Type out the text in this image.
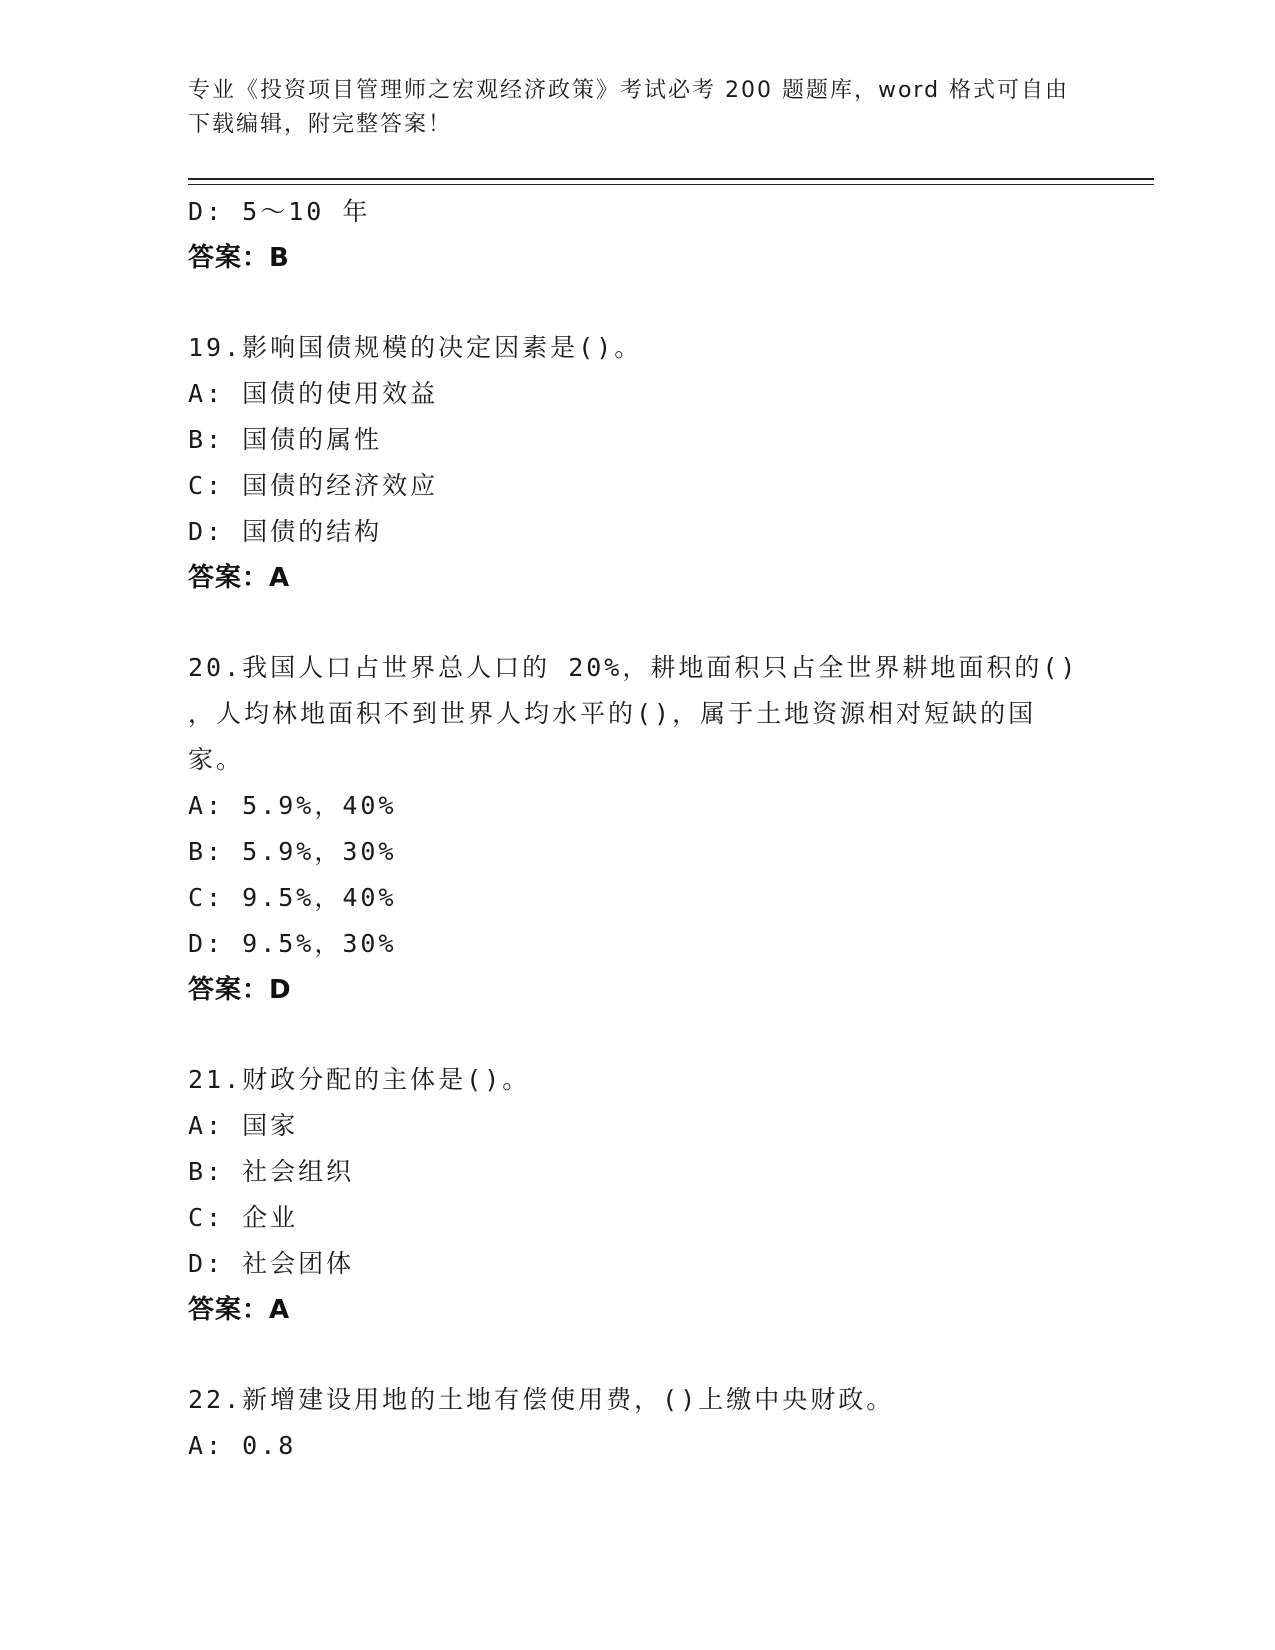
专业《投资项目管理师之宏观经济政策》考试必考 200 题题库，word 格式可自由
下载编辑，附完整答案！
D: 5～10 年
答案：B
19.影响国债规模的决定因素是()。
A: 国债的使用效益
B: 国债的属性
C: 国债的经济效应
D: 国债的结构
答案：A
20.我国人口占世界总人口的 20%，耕地面积只占全世界耕地面积的()
，人均林地面积不到世界人均水平的()，属于土地资源相对短缺的国
家。
A: 5.9%，40%
B: 5.9%，30%
C: 9.5%，40%
D: 9.5%，30%
答案：D
21.财政分配的主体是()。
A: 国家
B: 社会组织
C: 企业
D: 社会团体
答案：A
22.新增建设用地的土地有偿使用费，()上缴中央财政。
A: 0.8
